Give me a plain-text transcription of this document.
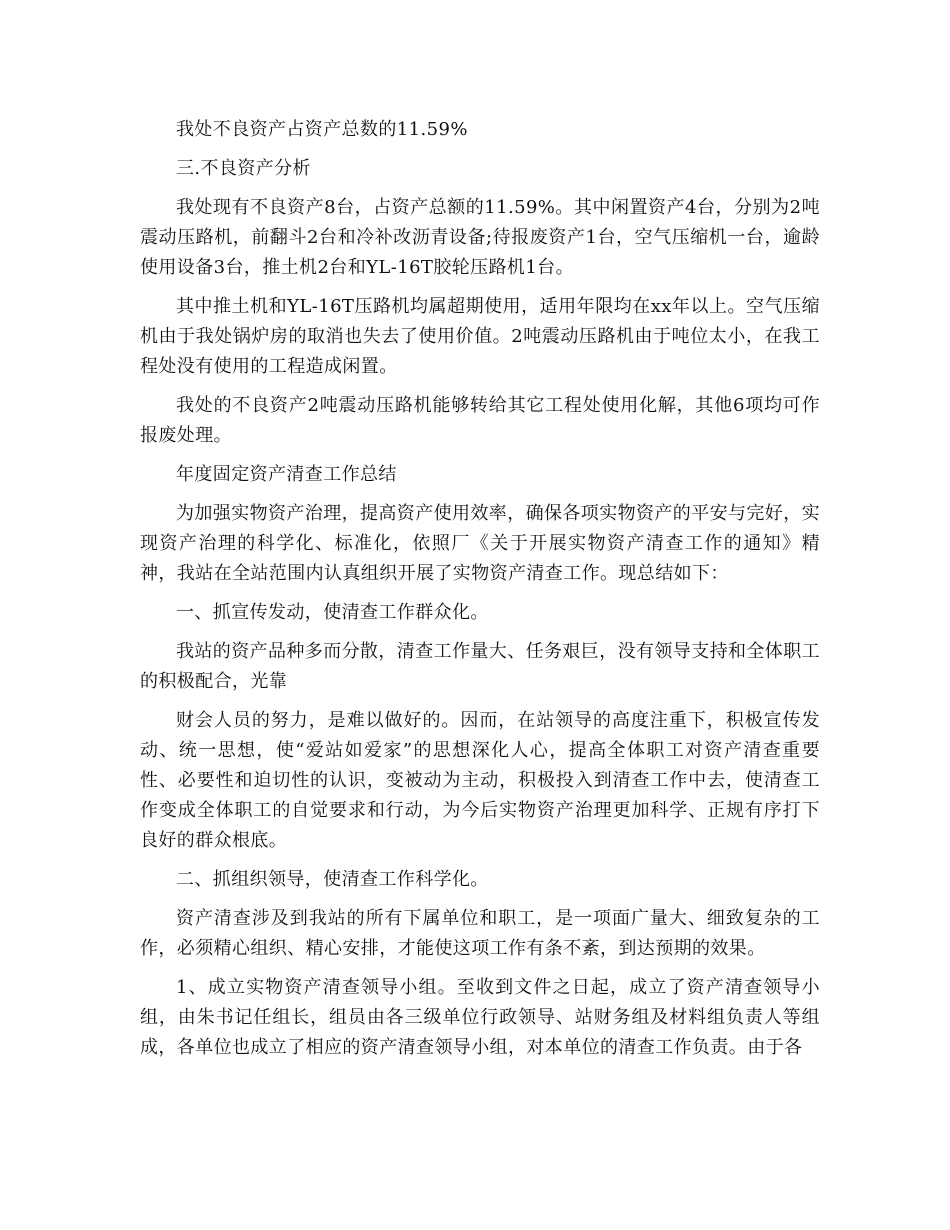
我处不良资产占资产总数的11.59%

三.不良资产分析

我处现有不良资产8台，占资产总额的11.59%。其中闲置资产4台，分别为2吨震动压路机，前翻斗2台和冷补改沥青设备;待报废资产1台，空气压缩机一台，逾龄使用设备3台，推土机2台和YL-16T胶轮压路机1台。

其中推土机和YL-16T压路机均属超期使用，适用年限均在xx年以上。空气压缩机由于我处锅炉房的取消也失去了使用价值。2吨震动压路机由于吨位太小，在我工程处没有使用的工程造成闲置。

我处的不良资产2吨震动压路机能够转给其它工程处使用化解，其他6项均可作报废处理。

年度固定资产清查工作总结

为加强实物资产治理，提高资产使用效率，确保各项实物资产的平安与完好，实现资产治理的科学化、标准化，依照厂《关于开展实物资产清查工作的通知》精神，我站在全站范围内认真组织开展了实物资产清查工作。现总结如下：

一、抓宣传发动，使清查工作群众化。

我站的资产品种多而分散，清查工作量大、任务艰巨，没有领导支持和全体职工的积极配合，光靠

财会人员的努力，是难以做好的。因而，在站领导的高度注重下，积极宣传发动、统一思想，使“爱站如爱家”的思想深化人心，提高全体职工对资产清查重要性、必要性和迫切性的认识，变被动为主动，积极投入到清查工作中去，使清查工作变成全体职工的自觉要求和行动，为今后实物资产治理更加科学、正规有序打下良好的群众根底。

二、抓组织领导，使清查工作科学化。

资产清查涉及到我站的所有下属单位和职工，是一项面广量大、细致复杂的工作，必须精心组织、精心安排，才能使这项工作有条不紊，到达预期的效果。

1、成立实物资产清查领导小组。至收到文件之日起，成立了资产清查领导小组，由朱书记任组长，组员由各三级单位行政领导、站财务组及材料组负责人等组成，各单位也成立了相应的资产清查领导小组，对本单位的清查工作负责。由于各
